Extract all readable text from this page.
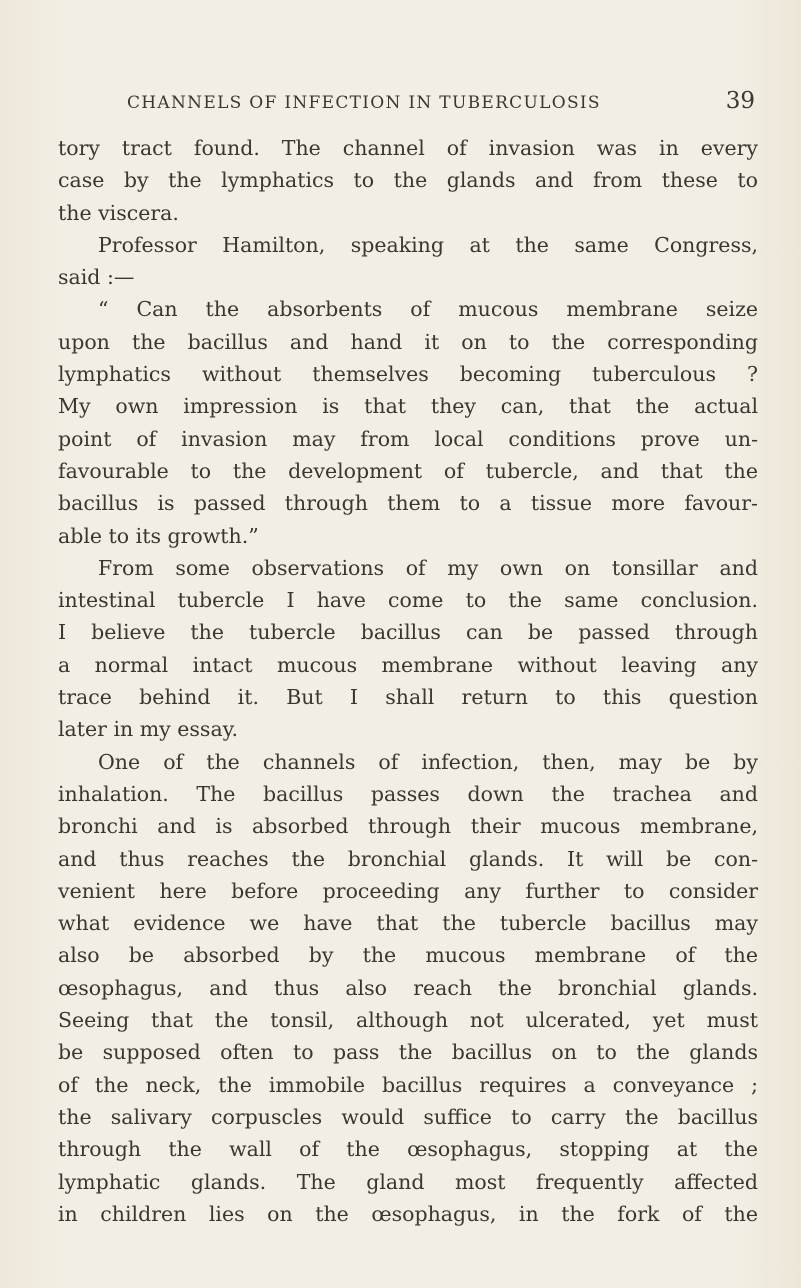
CHANNELS OF INFECTION IN TUBERCULOSIS	39
tory tract found. The channel of invasion was in every
case by the lymphatics to the glands and from these to
the viscera.
Professor Hamilton, speaking at the same Congress,
said :—
“ Can the absorbents of mucous membrane seize
upon the bacillus and hand it on to the corresponding
lymphatics without themselves becoming tuberculous ?
My own impression is that they can, that the actual
point of invasion may from local conditions prove un-
favourable to the development of tubercle, and that the
bacillus is passed through them to a tissue more favour-
able to its growth.”
From some observations of my own on tonsillar and
intestinal tubercle I have come to the same conclusion.
I believe the tubercle bacillus can be passed through
a normal intact mucous membrane without leaving any
trace behind it. But I shall return to this question
later in my essay.
One of the channels of infection, then, may be by
inhalation. The bacillus passes down the trachea and
bronchi and is absorbed through their mucous membrane,
and thus reaches the bronchial glands. It will be con-
venient here before proceeding any further to consider
what evidence we have that the tubercle bacillus may
also be absorbed by the mucous membrane of the
œsophagus, and thus also reach the bronchial glands.
Seeing that the tonsil, although not ulcerated, yet must
be supposed often to pass the bacillus on to the glands
of the neck, the immobile bacillus requires a conveyance ;
the salivary corpuscles would suffice to carry the bacillus
through the wall of the œsophagus, stopping at the
lymphatic glands. The gland most frequently affected
in children lies on the œsophagus, in the fork of the
